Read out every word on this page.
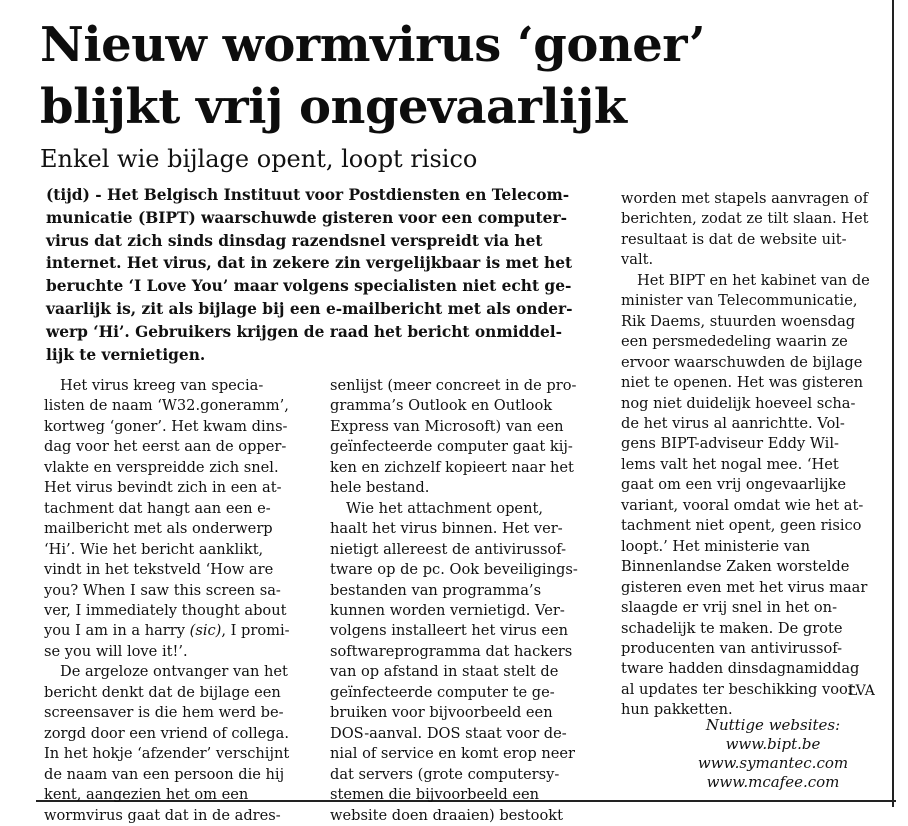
Nieuw wormvirus ‘goner’
blijkt vrij ongevaarlijk
Enkel wie bijlage opent, loopt risico

(tijd) - Het Belgisch Instituut voor Postdiensten en Telecom-
municatie (BIPT) waarschuwde gisteren voor een computer-
virus dat zich sinds dinsdag razendsnel verspreidt via het
internet. Het virus, dat in zekere zin vergelijkbaar is met het
beruchte ‘I Love You’ maar volgens specialisten niet echt ge-
vaarlijk is, zit als bijlage bij een e-mailbericht met als onder-
werp ‘Hi’. Gebruikers krijgen de raad het bericht onmiddel-
lijk te vernietigen.

Het virus kreeg van specia-
listen de naam ‘W32.goneramm’,
kortweg ‘goner’. Het kwam dins-
dag voor het eerst aan de opper-
vlakte en verspreidde zich snel.
Het virus bevindt zich in een at-
tachment dat hangt aan een e-
mailbericht met als onderwerp
‘Hi’. Wie het bericht aanklikt,
vindt in het tekstveld ‘How are
you? When I saw this screen sa-
ver, I immediately thought about
you I am in a harry (sic), I promi-
se you will love it!’.
De argeloze ontvanger van het
bericht denkt dat de bijlage een
screensaver is die hem werd be-
zorgd door een vriend of collega.
In het hokje ‘afzender’ verschijnt
de naam van een persoon die hij
kent, aangezien het om een
wormvirus gaat dat in de adres-
senlijst (meer concreet in de pro-
gramma’s Outlook en Outlook
Express van Microsoft) van een
geïnfecteerde computer gaat kij-
ken en zichzelf kopieert naar het
hele bestand.
Wie het attachment opent,
haalt het virus binnen. Het ver-
nietigt allereest de antivirussof-
tware op de pc. Ook beveiligings-
bestanden van programma’s
kunnen worden vernietigd. Ver-
volgens installeert het virus een
softwareprogramma dat hackers
van op afstand in staat stelt de
geïnfecteerde computer te ge-
bruiken voor bijvoorbeeld een
DOS-aanval. DOS staat voor de-
nial of service en komt erop neer
dat servers (grote computersy-
stemen die bijvoorbeeld een
website doen draaien) bestookt
worden met stapels aanvragen of
berichten, zodat ze tilt slaan. Het
resultaat is dat de website uit-
valt.
Het BIPT en het kabinet van de
minister van Telecommunicatie,
Rik Daems, stuurden woensdag
een persmededeling waarin ze
ervoor waarschuwden de bijlage
niet te openen. Het was gisteren
nog niet duidelijk hoeveel scha-
de het virus al aanrichtte. Vol-
gens BIPT-adviseur Eddy Wil-
lems valt het nogal mee. ‘Het
gaat om een vrij ongevaarlijke
variant, vooral omdat wie het at-
tachment niet opent, geen risico
loopt.’ Het ministerie van
Binnenlandse Zaken worstelde
gisteren even met het virus maar
slaagde er vrij snel in het on-
schadelijk te maken. De grote
producenten van antivirussof-
tware hadden dinsdagnamiddag
al updates ter beschikking voor
hun pakketten.

LVA

Nuttige websites:
www.bipt.be
www.symantec.com
www.mcafee.com
